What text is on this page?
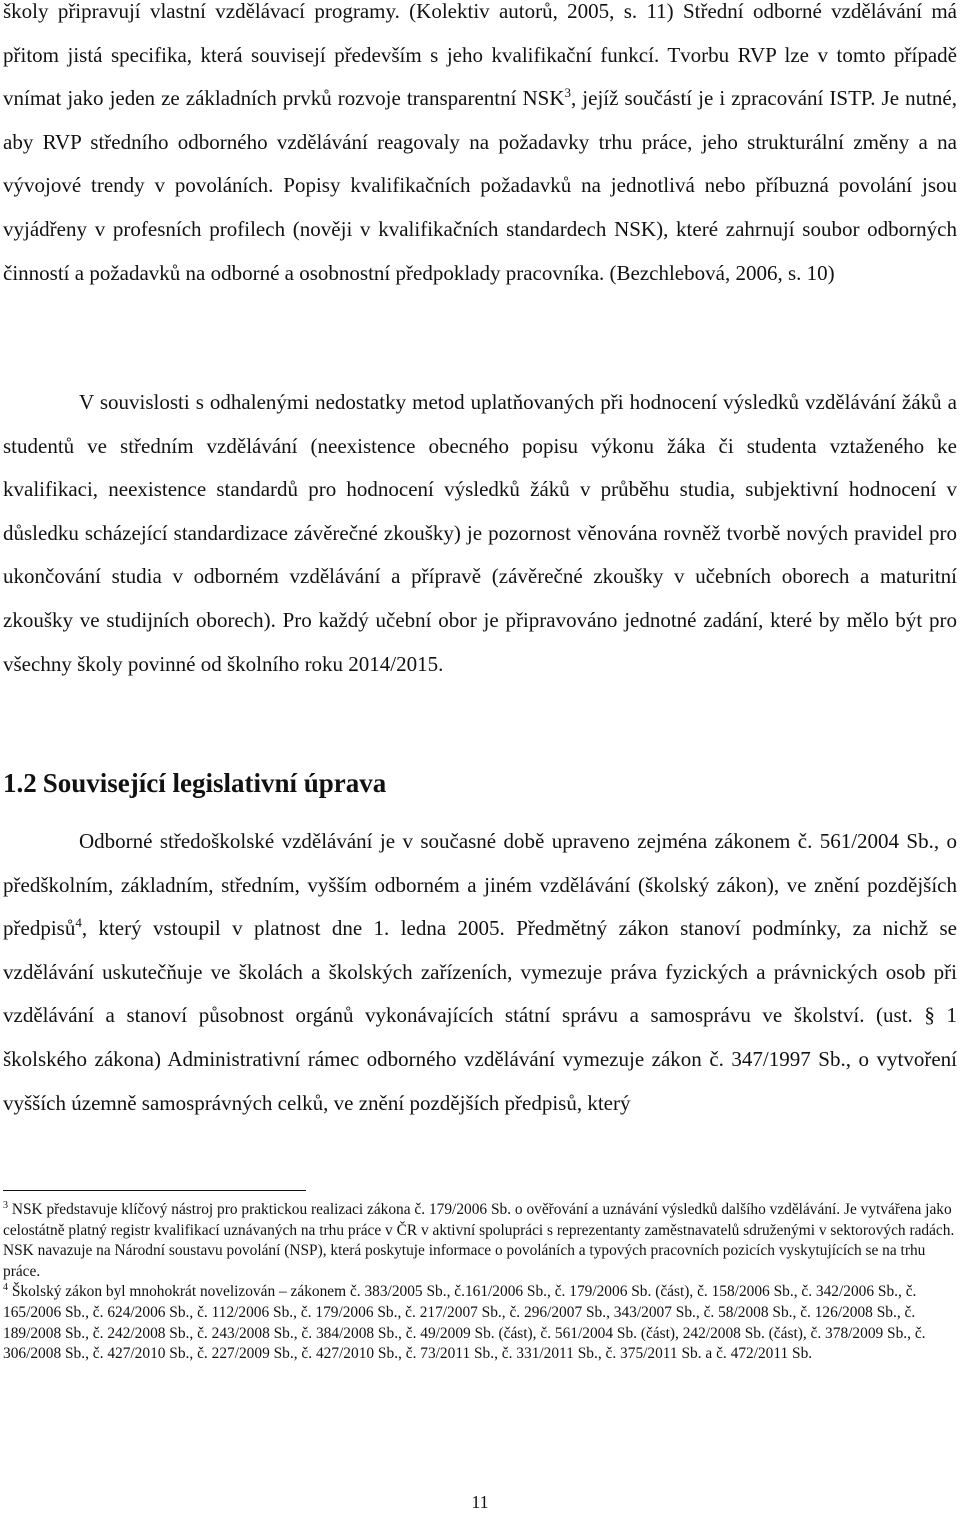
školy připravují vlastní vzdělávací programy. (Kolektiv autorů, 2005, s. 11) Střední odborné vzdělávání má přitom jistá specifika, která souvisejí především s jeho kvalifikační funkcí. Tvorbu RVP lze v tomto případě vnímat jako jeden ze základních prvků rozvoje transparentní NSK$^3$, jejíž součástí je i zpracování ISTP. Je nutné, aby RVP středního odborného vzdělávání reagovaly na požadavky trhu práce, jeho strukturální změny a na vývojové trendy v povoláních. Popisy kvalifikačních požadavků na jednotlivá nebo příbuzná povolání jsou vyjádřeny v profesních profilech (nověji v kvalifikačních standardech NSK), které zahrnují soubor odborných činností a požadavků na odborné a osobnostní předpoklady pracovníka. (Bezchlebová, 2006, s. 10)

V souvislosti s odhalenými nedostatky metod uplatňovaných při hodnocení výsledků vzdělávání žáků a studentů ve středním vzdělávání (neexistence obecného popisu výkonu žáka či studenta vztaženého ke kvalifikaci, neexistence standardů pro hodnocení výsledků žáků v průběhu studia, subjektivní hodnocení v důsledku scházející standardizace závěrečné zkoušky) je pozornost věnována rovněž tvorbě nových pravidel pro ukončování studia v odborném vzdělávání a přípravě (závěrečné zkoušky v učebních oborech a maturitní zkoušky ve studijních oborech). Pro každý učební obor je připravováno jednotné zadání, které by mělo být pro všechny školy povinné od školního roku 2014/2015.

1.2 Související legislativní úprava

Odborné středoškolské vzdělávání je v současné době upraveno zejména zákonem č. 561/2004 Sb., o předškolním, základním, středním, vyšším odborném a jiném vzdělávání (školský zákon), ve znění pozdějších předpisů$^4$, který vstoupil v platnost dne 1. ledna 2005. Předmětný zákon stanoví podmínky, za nichž se vzdělávání uskutečňuje ve školách a školských zařízeních, vymezuje práva fyzických a právnických osob při vzdělávání a stanoví působnost orgánů vykonávajících státní správu a samosprávu ve školství. (ust. § 1 školského zákona) Administrativní rámec odborného vzdělávání vymezuje zákon č. 347/1997 Sb., o vytvoření vyšších územně samosprávných celků, ve znění pozdějších předpisů, který

$^3$ NSK představuje klíčový nástroj pro praktickou realizaci zákona č. 179/2006 Sb. o ověřování a uznávání výsledků dalšího vzdělávání. Je vytvářena jako celostátně platný registr kvalifikací uznávaných na trhu práce v ČR v aktivní spolupráci s reprezentanty zaměstnavatelů sdruženými v sektorových radách. NSK navazuje na Národní soustavu povolání (NSP), která poskytuje informace o povoláních a typových pracovních pozicích vyskytujících se na trhu práce.

$^4$ Školský zákon byl mnohokrát novelizován – zákonem č. 383/2005 Sb., č.161/2006 Sb., č. 179/2006 Sb. (část), č. 158/2006 Sb., č. 342/2006 Sb., č. 165/2006 Sb., č. 624/2006 Sb., č. 112/2006 Sb., č. 179/2006 Sb., č. 217/2007 Sb., č. 296/2007 Sb., 343/2007 Sb., č. 58/2008 Sb., č. 126/2008 Sb., č. 189/2008 Sb., č. 242/2008 Sb., č. 243/2008 Sb., č. 384/2008 Sb., č. 49/2009 Sb. (část), č. 561/2004 Sb. (část), 242/2008 Sb. (část), č. 378/2009 Sb., č. 306/2008 Sb., č. 427/2010 Sb., č. 227/2009 Sb., č. 427/2010 Sb., č. 73/2011 Sb., č. 331/2011 Sb., č. 375/2011 Sb. a č. 472/2011 Sb.

11
